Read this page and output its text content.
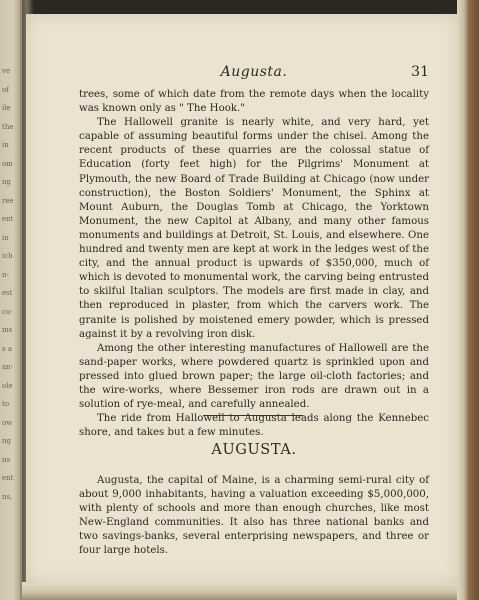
ve
of
ile
the
in
om
ng
ree
ent
in
ich
n-
est
cu-
ms
s a
an-
ole
to
ow
ng
ns
ent
ns,
Augusta.	31

trees, some of which date from the remote days when the locality was known only as " The Hook."

The Hallowell granite is nearly white, and very hard, yet capable of assuming beautiful forms under the chisel. Among the recent products of these quarries are the colossal statue of Education (forty feet high) for the Pilgrims' Monument at Plymouth, the new Board of Trade Building at Chicago (now under construction), the Boston Soldiers' Monument, the Sphinx at Mount Auburn, the Douglas Tomb at Chicago, the Yorktown Monument, the new Capitol at Albany, and many other famous monuments and buildings at Detroit, St. Louis, and elsewhere. One hundred and twenty men are kept at work in the ledges west of the city, and the annual product is upwards of $350,000, much of which is devoted to monumental work, the carving being entrusted to skilful Italian sculptors. The models are first made in clay, and then reproduced in plaster, from which the carvers work. The granite is polished by moistened emery powder, which is pressed against it by a revolving iron disk.

Among the other interesting manufactures of Hallowell are the sand-paper works, where powdered quartz is sprinkled upon and pressed into glued brown paper; the large oil-cloth factories; and the wire-works, where Bessemer iron rods are drawn out in a solution of rye-meal, and carefully annealed.

The ride from Hallowell to Augusta leads along the Kennebec shore, and takes but a few minutes.

AUGUSTA.

Augusta, the capital of Maine, is a charming semi-rural city of about 9,000 inhabitants, having a valuation exceeding $5,000,000, with plenty of schools and more than enough churches, like most New-England communities. It also has three national banks and two savings-banks, several enterprising newspapers, and three or four large hotels.
